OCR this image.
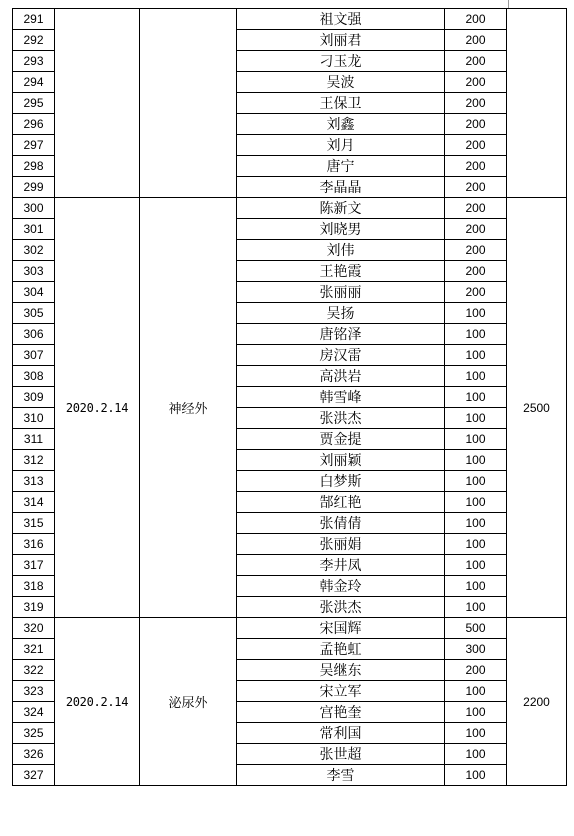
291			祖文强	200	
292			刘丽君	200	
293			刁玉龙	200	
294			吴波	200	
295			王保卫	200	
296			刘鑫	200	
297			刘月	200	
298			唐宁	200	
299			李晶晶	200	
300	2020.2.14	神经外	陈新文	200	2500
301			刘晓男	200	
302			刘伟	200	
303			王艳霞	200	
304			张丽丽	200	
305			吴扬	100	
306			唐铭泽	100	
307			房汉雷	100	
308			高洪岩	100	
309			韩雪峰	100	
310			张洪杰	100	
311			贾金提	100	
312			刘丽颖	100	
313			白梦斯	100	
314			郜红艳	100	
315			张倩倩	100	
316			张丽娟	100	
317			李井凤	100	
318			韩金玲	100	
319			张洪杰	100	
320	2020.2.14	泌尿外	宋国辉	500	2200
321			孟艳虹	300	
322			吴继东	200	
323			宋立军	100	
324			宫艳奎	100	
325			常利国	100	
326			张世超	100	
327			李雪	100	
